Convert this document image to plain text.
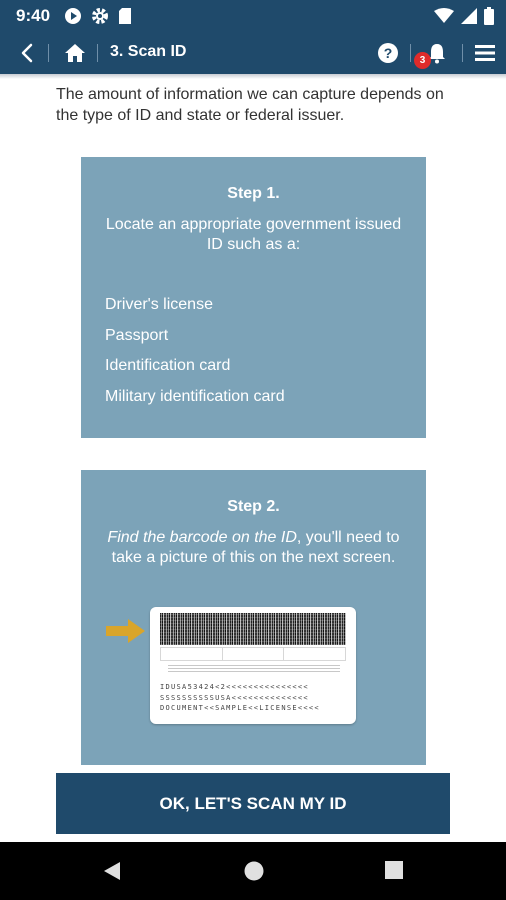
9:40
3. Scan ID	?	3

The amount of information we can capture depends on the type of ID and state or federal issuer.

Step 1.
Locate an appropriate government issued ID such as a:
Driver's license
Passport
Identification card
Military identification card
Step 2.
Find the barcode on the ID, you'll need to take a picture of this on the next screen.
IDUSA53424<2<<<<<<<<<<<<<<<
SSSSSSSSSSUSA<<<<<<<<<<<<<<
DOCUMENT<<SAMPLE<<LICENSE<<<<
OK, LET'S SCAN MY ID
